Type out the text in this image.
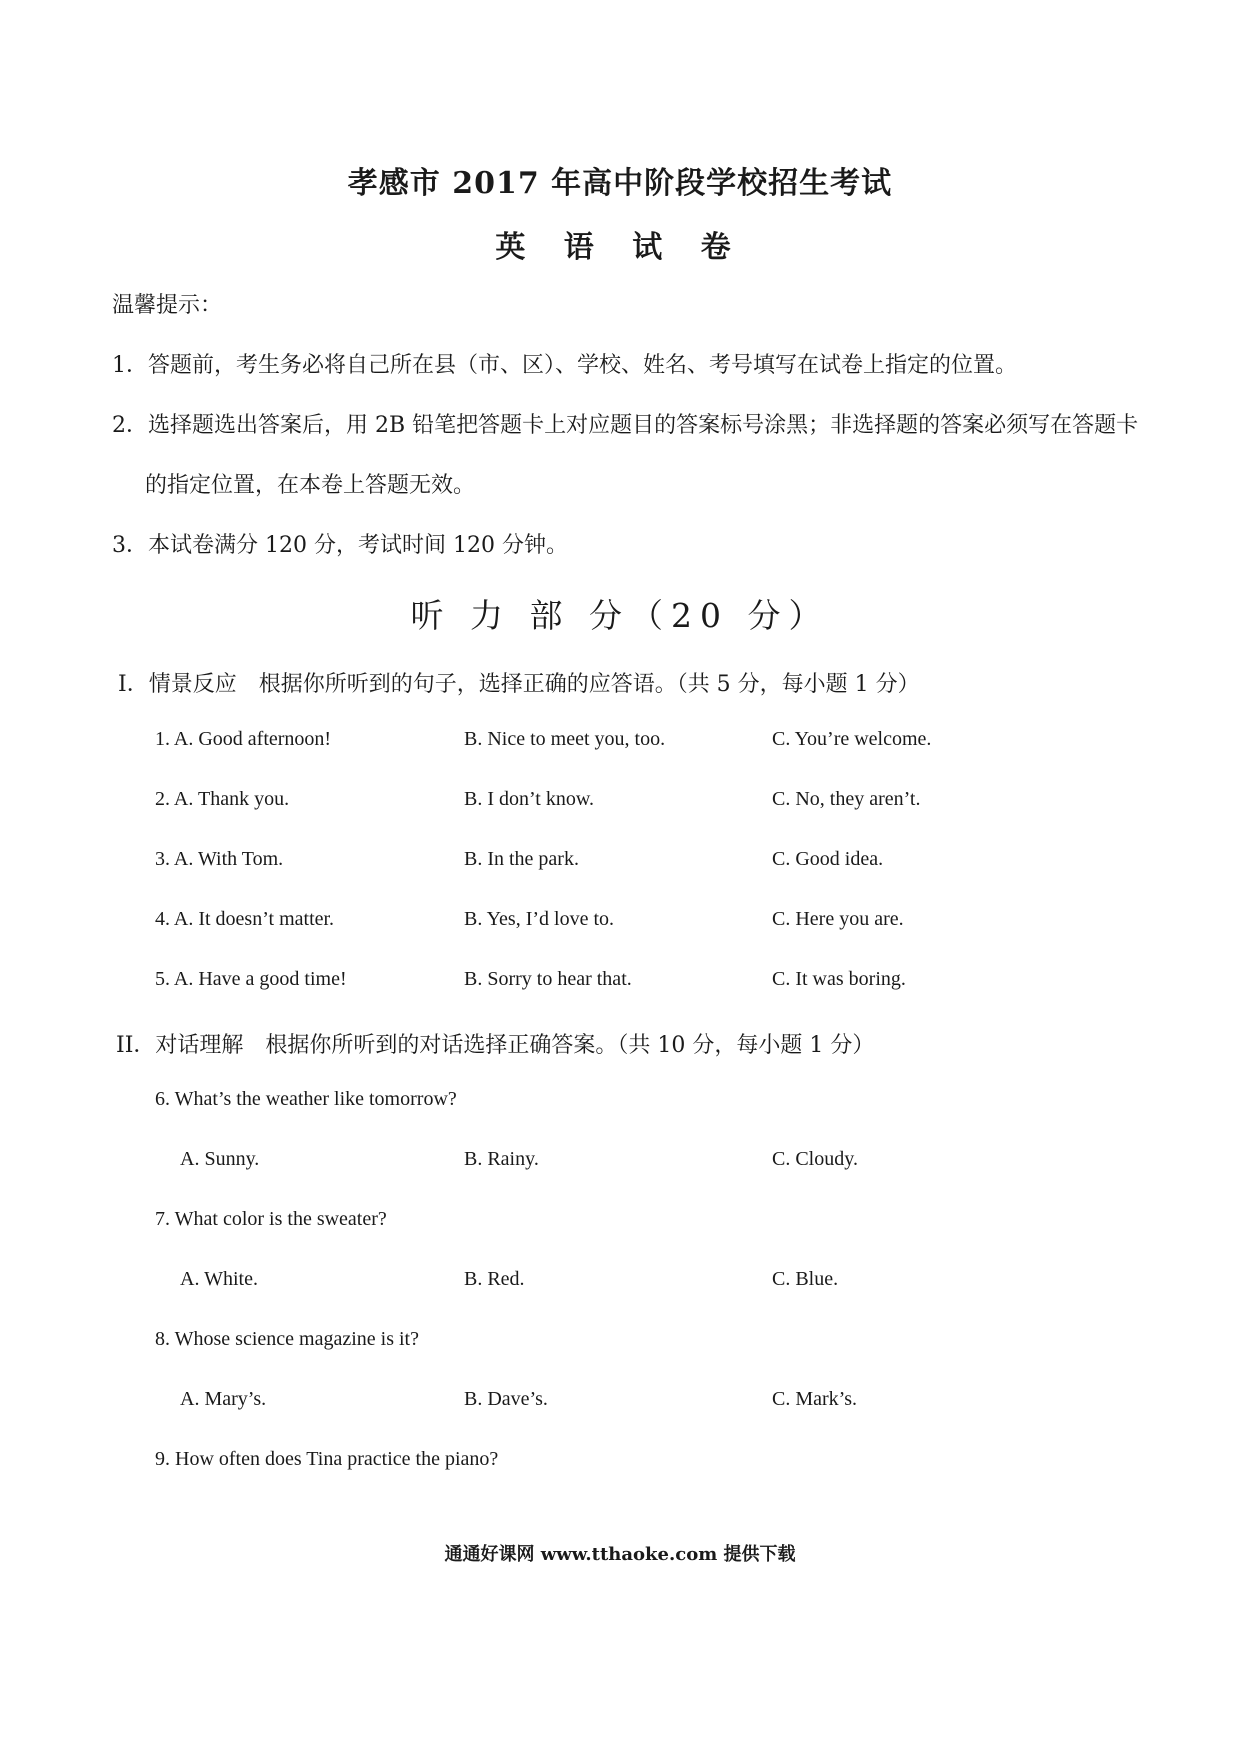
孝感市 2017 年高中阶段学校招生考试
英 语 试 卷
温馨提示：
1．答题前，考生务必将自己所在县（市、区）、学校、姓名、考号填写在试卷上指定的位置。
2．选择题选出答案后，用 2B 铅笔把答题卡上对应题目的答案标号涂黑；非选择题的答案必须写在答题卡
的指定位置，在本卷上答题无效。
3．本试卷满分 120 分，考试时间 120 分钟。
听 力 部 分（20 分）
I．情景反应　根据你所听到的句子，选择正确的应答语。（共 5 分，每小题 1 分）
1. A. Good afternoon!	B. Nice to meet you, too.	C. You’re welcome.
2. A. Thank you.	B. I don’t know.	C. No, they aren’t.
3. A. With Tom.	B. In the park.	C. Good idea.
4. A. It doesn’t matter.	B. Yes, I’d love to.	C. Here you are.
5. A. Have a good time!	B. Sorry to hear that.	C. It was boring.
II．对话理解　根据你所听到的对话选择正确答案。（共 10 分，每小题 1 分）
6. What’s the weather like tomorrow?
A. Sunny.	B. Rainy.	C. Cloudy.
7. What color is the sweater?
A. White.	B. Red.	C. Blue.
8. Whose science magazine is it?
A. Mary’s.	B. Dave’s.	C. Mark’s.
9. How often does Tina practice the piano?
通通好课网 www.tthaoke.com 提供下载
